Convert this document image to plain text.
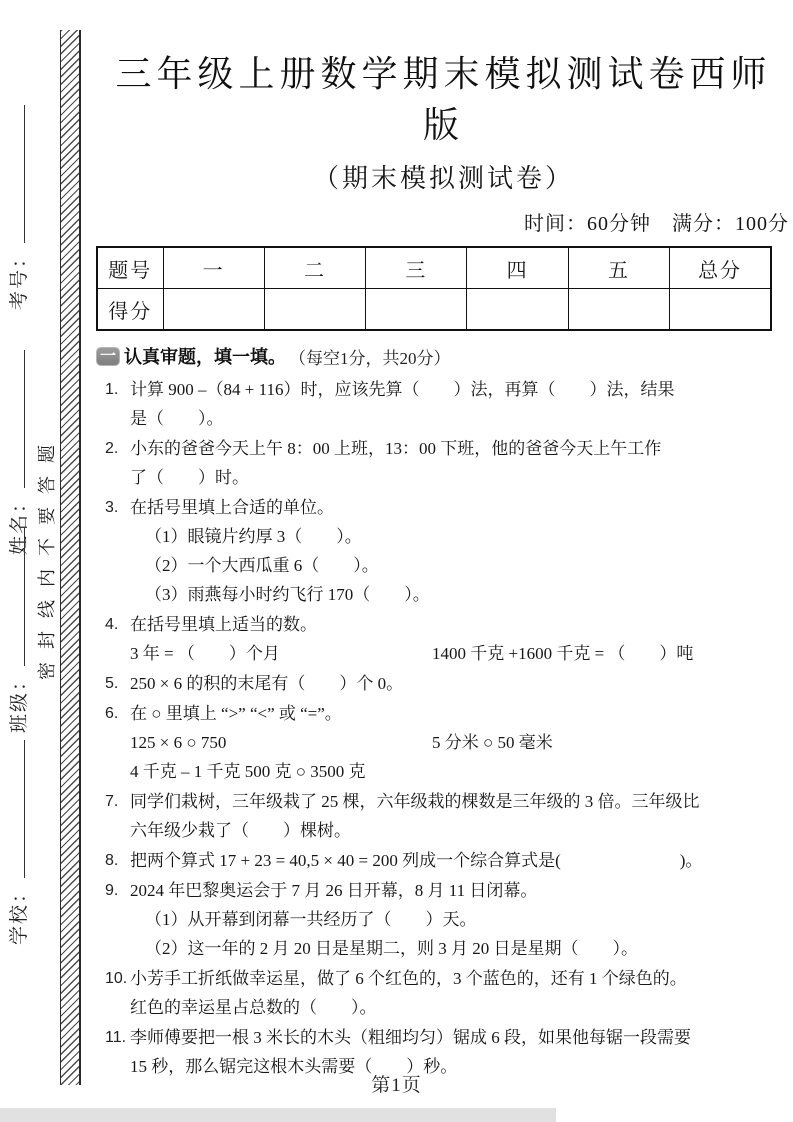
考号：
姓名：
班级：
学校：
密封线内不要答题
三年级上册数学期末模拟测试卷西师版
（期末模拟测试卷）
时间：60分钟　满分：100分
题号	一	二	三	四	五	总分
得分						
一 认真审题，填一填。 （每空1分，共20分）
1. 计算 900 –（84 + 116）时，应该先算（　　）法，再算（　　）法，结果
是（　　）。
2. 小东的爸爸今天上午 8：00 上班，13：00 下班，他的爸爸今天上午工作
了（　　）时。
3. 在括号里填上合适的单位。
（1）眼镜片约厚 3（　　）。
（2）一个大西瓜重 6（　　）。
（3）雨燕每小时约飞行 170（　　）。
4. 在括号里填上适当的数。
3 年 = （　　）个月	1400 千克 +1600 千克 = （　　）吨
5. 250 × 6 的积的末尾有（　　）个 0。
6. 在 ○ 里填上 “>” “<” 或 “=”。
125 × 6 ○ 750	5 分米 ○ 50 毫米
4 千克 – 1 千克 500 克 ○ 3500 克
7. 同学们栽树，三年级栽了 25 棵，六年级栽的棵数是三年级的 3 倍。三年级比
六年级少栽了（　　）棵树。
8. 把两个算式 17 + 23 = 40,5 × 40 = 200 列成一个综合算式是(　　　　　　　)。
9. 2024 年巴黎奥运会于 7 月 26 日开幕，8 月 11 日闭幕。
（1）从开幕到闭幕一共经历了（　　）天。
（2）这一年的 2 月 20 日是星期二，则 3 月 20 日是星期（　　）。
10. 小芳手工折纸做幸运星，做了 6 个红色的，3 个蓝色的，还有 1 个绿色的。
红色的幸运星占总数的（　　）。
11. 李师傅要把一根 3 米长的木头（粗细均匀）锯成 6 段，如果他每锯一段需要
15 秒，那么锯完这根木头需要（　　）秒。
第1页
